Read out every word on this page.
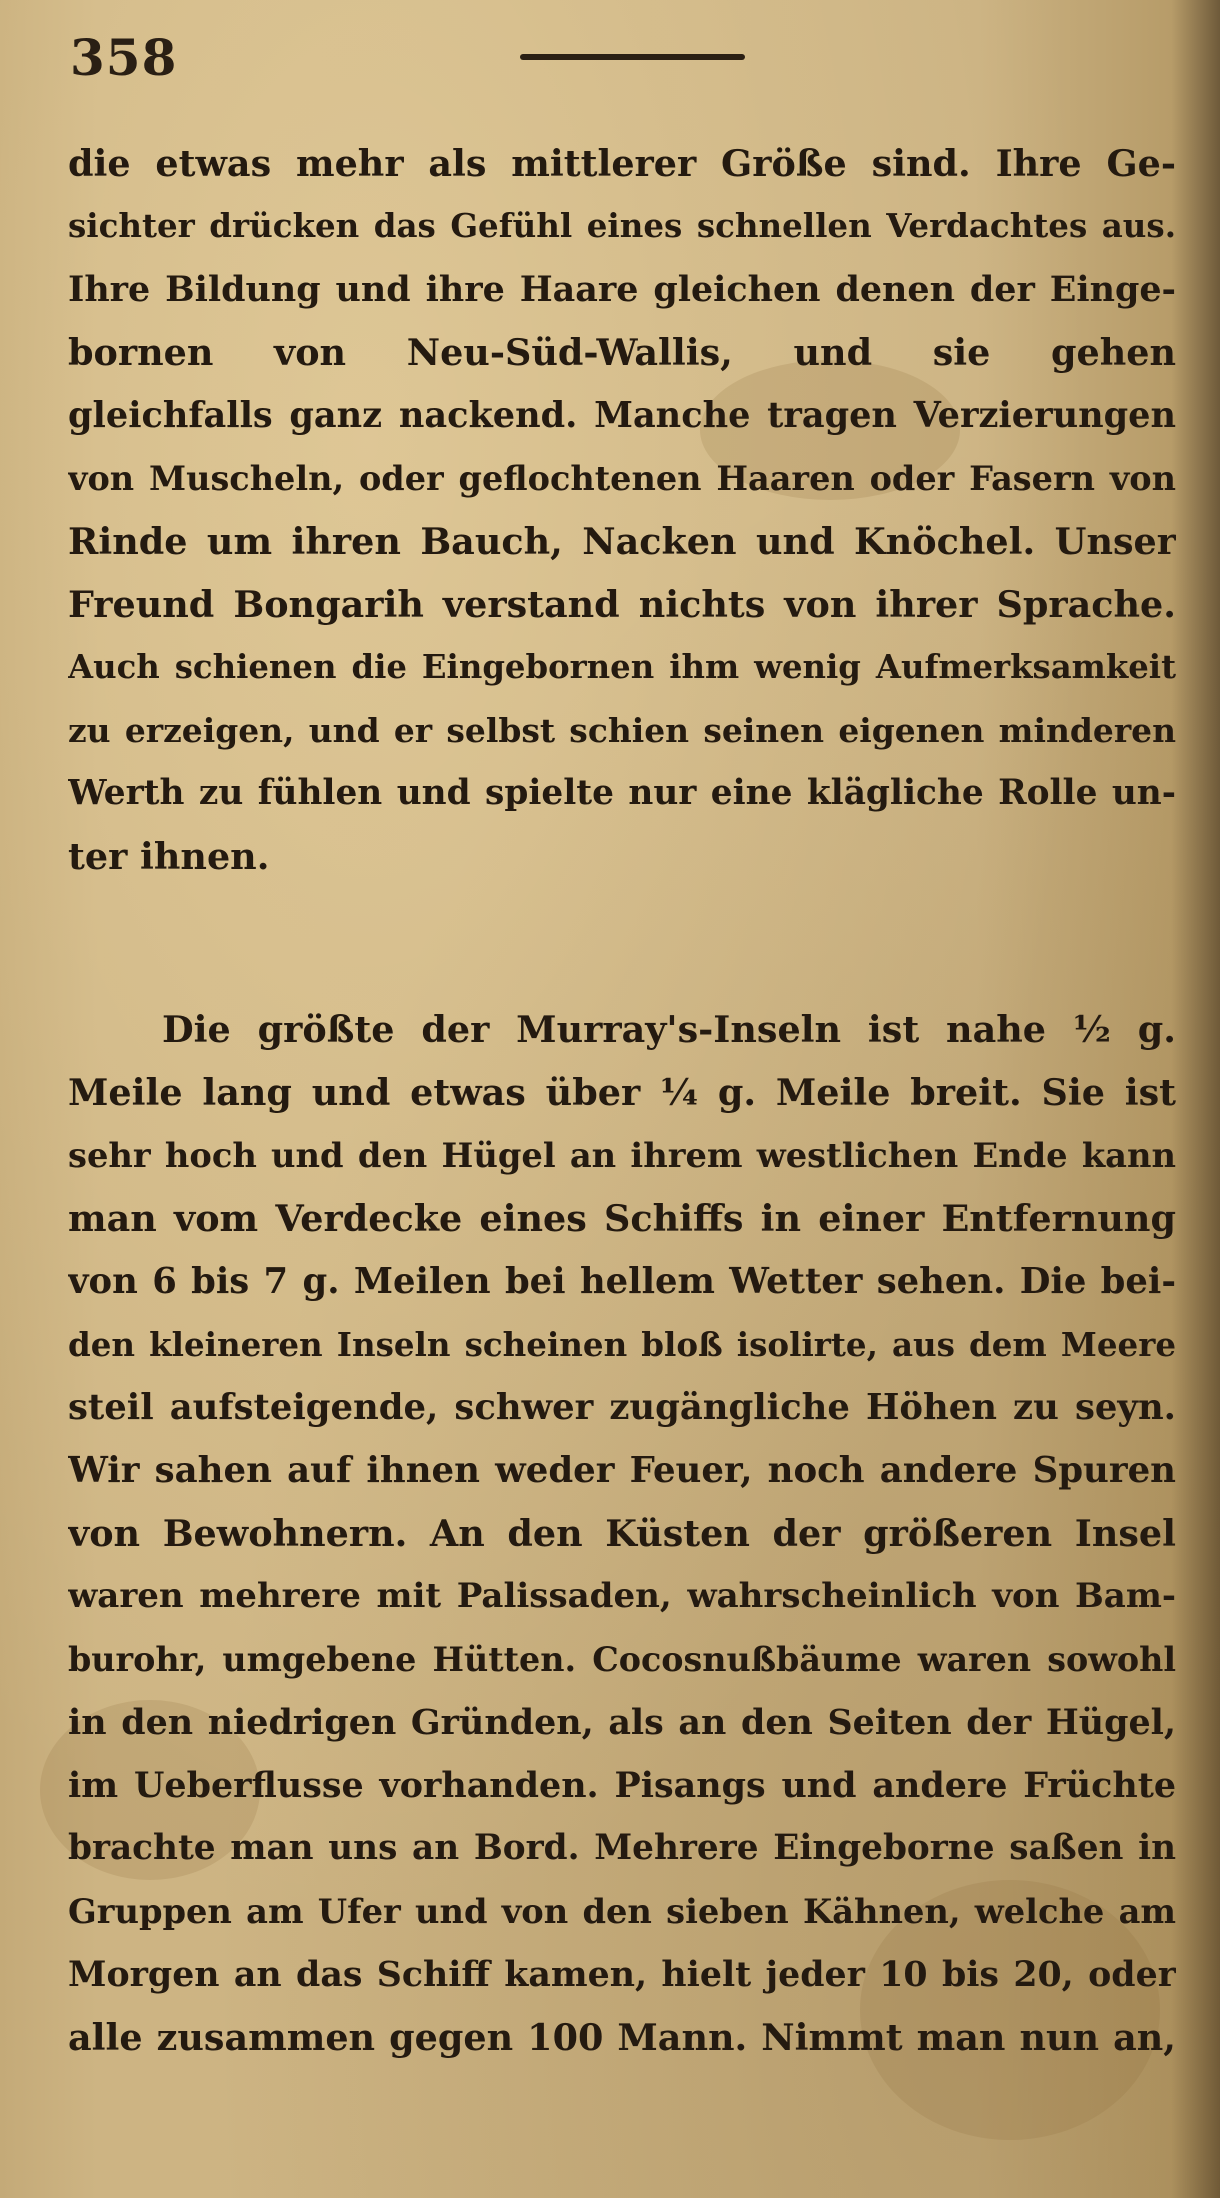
358
die etwas mehr als mittlerer Größe sind. Ihre Ge-
sichter drücken das Gefühl eines schnellen Verdachtes aus.
Ihre Bildung und ihre Haare gleichen denen der Einge-
bornen von Neu-Süd-Wallis, und sie gehen
gleichfalls ganz nackend. Manche tragen Verzierungen
von Muscheln, oder geflochtenen Haaren oder Fasern von
Rinde um ihren Bauch, Nacken und Knöchel. Unser
Freund Bongarih verstand nichts von ihrer Sprache.
Auch schienen die Eingebornen ihm wenig Aufmerksamkeit
zu erzeigen, und er selbst schien seinen eigenen minderen
Werth zu fühlen und spielte nur eine klägliche Rolle un-
ter ihnen.
Die größte der Murray's-Inseln ist nahe ½ g.
Meile lang und etwas über ¼ g. Meile breit. Sie ist
sehr hoch und den Hügel an ihrem westlichen Ende kann
man vom Verdecke eines Schiffs in einer Entfernung
von 6 bis 7 g. Meilen bei hellem Wetter sehen. Die bei-
den kleineren Inseln scheinen bloß isolirte, aus dem Meere
steil aufsteigende, schwer zugängliche Höhen zu seyn.
Wir sahen auf ihnen weder Feuer, noch andere Spuren
von Bewohnern. An den Küsten der größeren Insel
waren mehrere mit Palissaden, wahrscheinlich von Bam-
burohr, umgebene Hütten. Cocosnußbäume waren sowohl
in den niedrigen Gründen, als an den Seiten der Hügel,
im Ueberflusse vorhanden. Pisangs und andere Früchte
brachte man uns an Bord. Mehrere Eingeborne saßen in
Gruppen am Ufer und von den sieben Kähnen, welche am
Morgen an das Schiff kamen, hielt jeder 10 bis 20, oder
alle zusammen gegen 100 Mann. Nimmt man nun an,
